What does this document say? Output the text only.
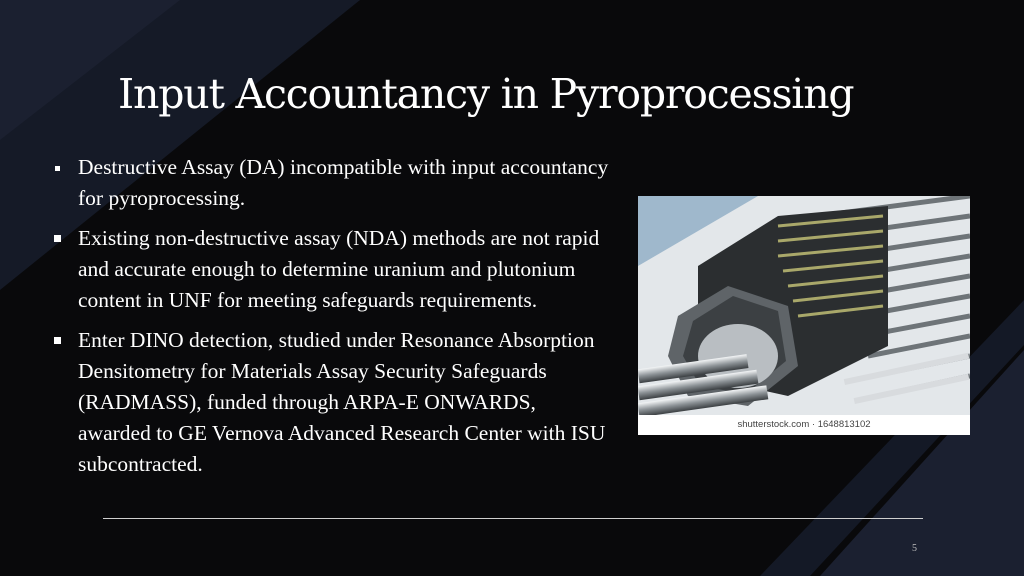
Input Accountancy in Pyroprocessing
Destructive Assay (DA) incompatible with input accountancy for pyroprocessing.
Existing non-destructive assay (NDA) methods are not rapid and accurate enough to determine uranium and plutonium content in UNF for meeting safeguards requirements.
Enter DINO detection, studied under Resonance Absorption Densitometry for Materials Assay Security Safeguards (RADMASS), funded through ARPA-E ONWARDS, awarded to GE Vernova Advanced Research Center with ISU subcontracted.
shutterstock.com · 1648813102
5
